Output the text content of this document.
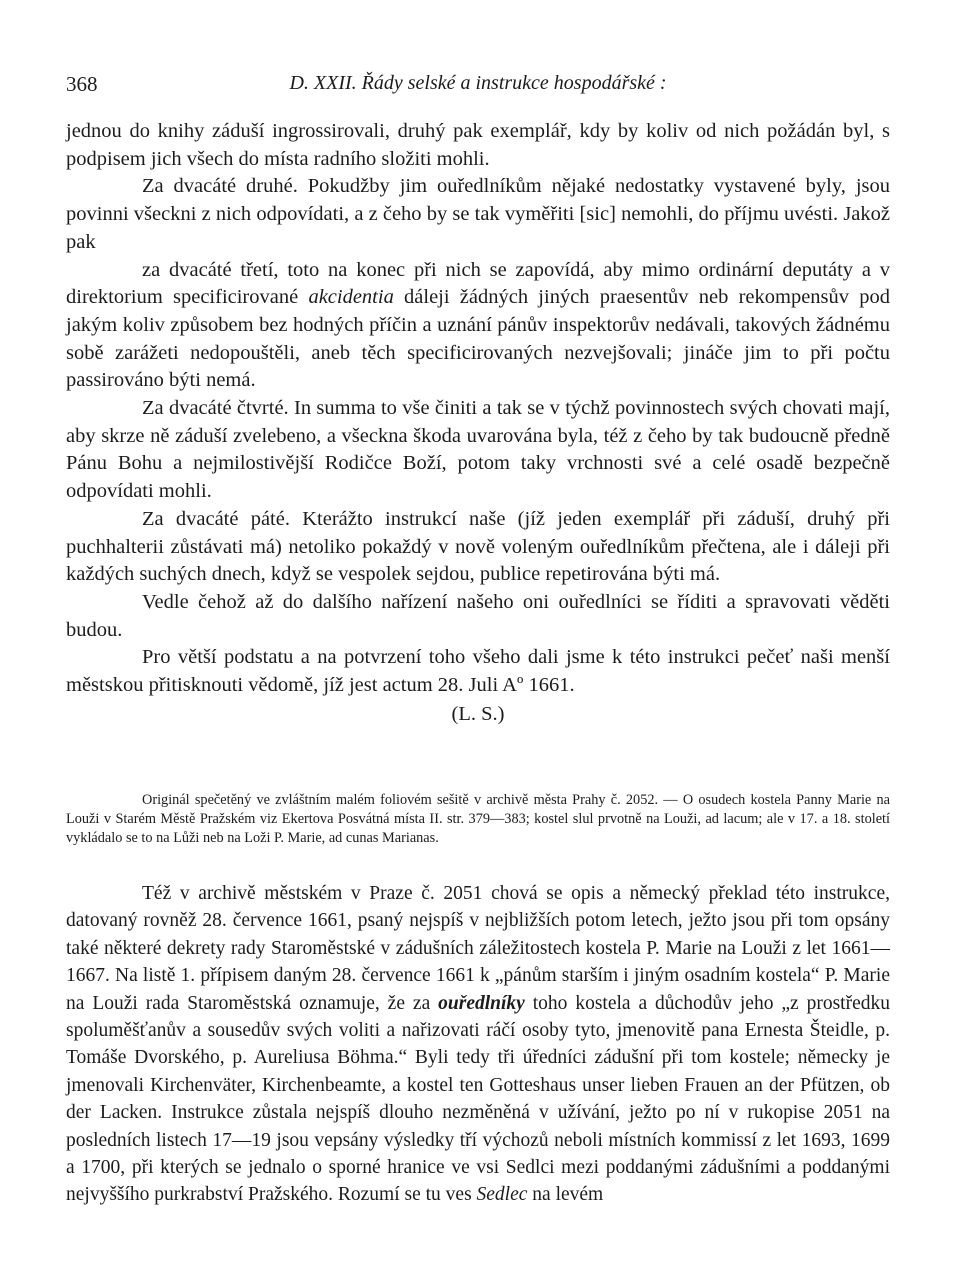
368	D. XXII. Řády selské a instrukce hospodářské :

jednou do knihy záduší ingrossirovali, druhý pak exemplář, kdy by koliv od nich požádán byl, s podpisem jich všech do místa radního složiti mohli.

Za dvacáté druhé. Pokudžby jim ouředlníkům nějaké nedostatky vystavené byly, jsou povinni všeckni z nich odpovídati, a z čeho by se tak vyměřiti [sic] nemohli, do příjmu uvésti. Jakož pak

za dvacáté třetí, toto na konec při nich se zapovídá, aby mimo ordinární deputáty a v direktorium specificirované akcidentia dáleji žádných jiných praesentův neb rekompensův pod jakým koliv způsobem bez hodných příčin a uznání pánův inspektorův nedávali, takových žádnému sobě zarážeti nedopouštěli, aneb těch specificirovaných nezvejšovali; jináče jim to při počtu passirováno býti nemá.

Za dvacáté čtvrté. In summa to vše činiti a tak se v týchž povinnostech svých chovati mají, aby skrze ně záduší zvelebeno, a všeckna škoda uvarována byla, též z čeho by tak budoucně předně Pánu Bohu a nejmilostivější Rodičce Boží, potom taky vrchnosti své a celé osadě bezpečně odpovídati mohli.

Za dvacáté páté. Kterážto instrukcí naše (jíž jeden exemplář při záduší, druhý při puchhalterii zůstávati má) netoliko pokaždý v nově voleným ouředlníkům přečtena, ale i dáleji při každých suchých dnech, když se vespolek sejdou, publice repetirována býti má.

Vedle čehož až do dalšího nařízení našeho oni ouředlníci se říditi a spravovati věděti budou.

Pro větší podstatu a na potvrzení toho všeho dali jsme k této instrukci pečeť naši menší městskou přitisknouti vědomě, jíž jest actum 28. Juli Aº 1661.

(L. S.)

Originál spečetěný ve zvláštním malém foliovém sešitě v archivě města Prahy č. 2052. — O osudech kostela Panny Marie na Louži v Starém Městě Pražském viz Ekertova Posvátná místa II. str. 379—383; kostel slul prvotně na Louži, ad lacum; ale v 17. a 18. století vykládalo se to na Lůži neb na Loži P. Marie, ad cunas Marianas.

Též v archivě městském v Praze č. 2051 chová se opis a německý překlad této instrukce, datovaný rovněž 28. července 1661, psaný nejspíš v nejbližších potom letech, ježto jsou při tom opsány také některé dekrety rady Staroměstské v zádušních záležitostech kostela P. Marie na Louži z let 1661—1667. Na listě 1. přípisem daným 28. července 1661 k „pánům starším i jiným osadním kostela“ P. Marie na Louži rada Staroměstská oznamuje, že za ouředlníky toho kostela a důchodův jeho „z prostředku spoluměšťanův a sousedův svých voliti a nařizovati ráčí osoby tyto, jmenovitě pana Ernesta Šteidle, p. Tomáše Dvorského, p. Aureliusa Böhma.“ Byli tedy tři úředníci zádušní při tom kostele; německy je jmenovali Kirchenväter, Kirchenbeamte, a kostel ten Gotteshaus unser lieben Frauen an der Pfützen, ob der Lacken. Instrukce zůstala nejspíš dlouho nezměněná v užívání, ježto po ní v rukopise 2051 na posledních listech 17—19 jsou vepsány výsledky tří výchozů neboli místních kommissí z let 1693, 1699 a 1700, při kterých se jednalo o sporné hranice ve vsi Sedlci mezi poddanými zádušními a poddanými nejvyššího purkrabství Pražského. Rozumí se tu ves Sedlec na levém
